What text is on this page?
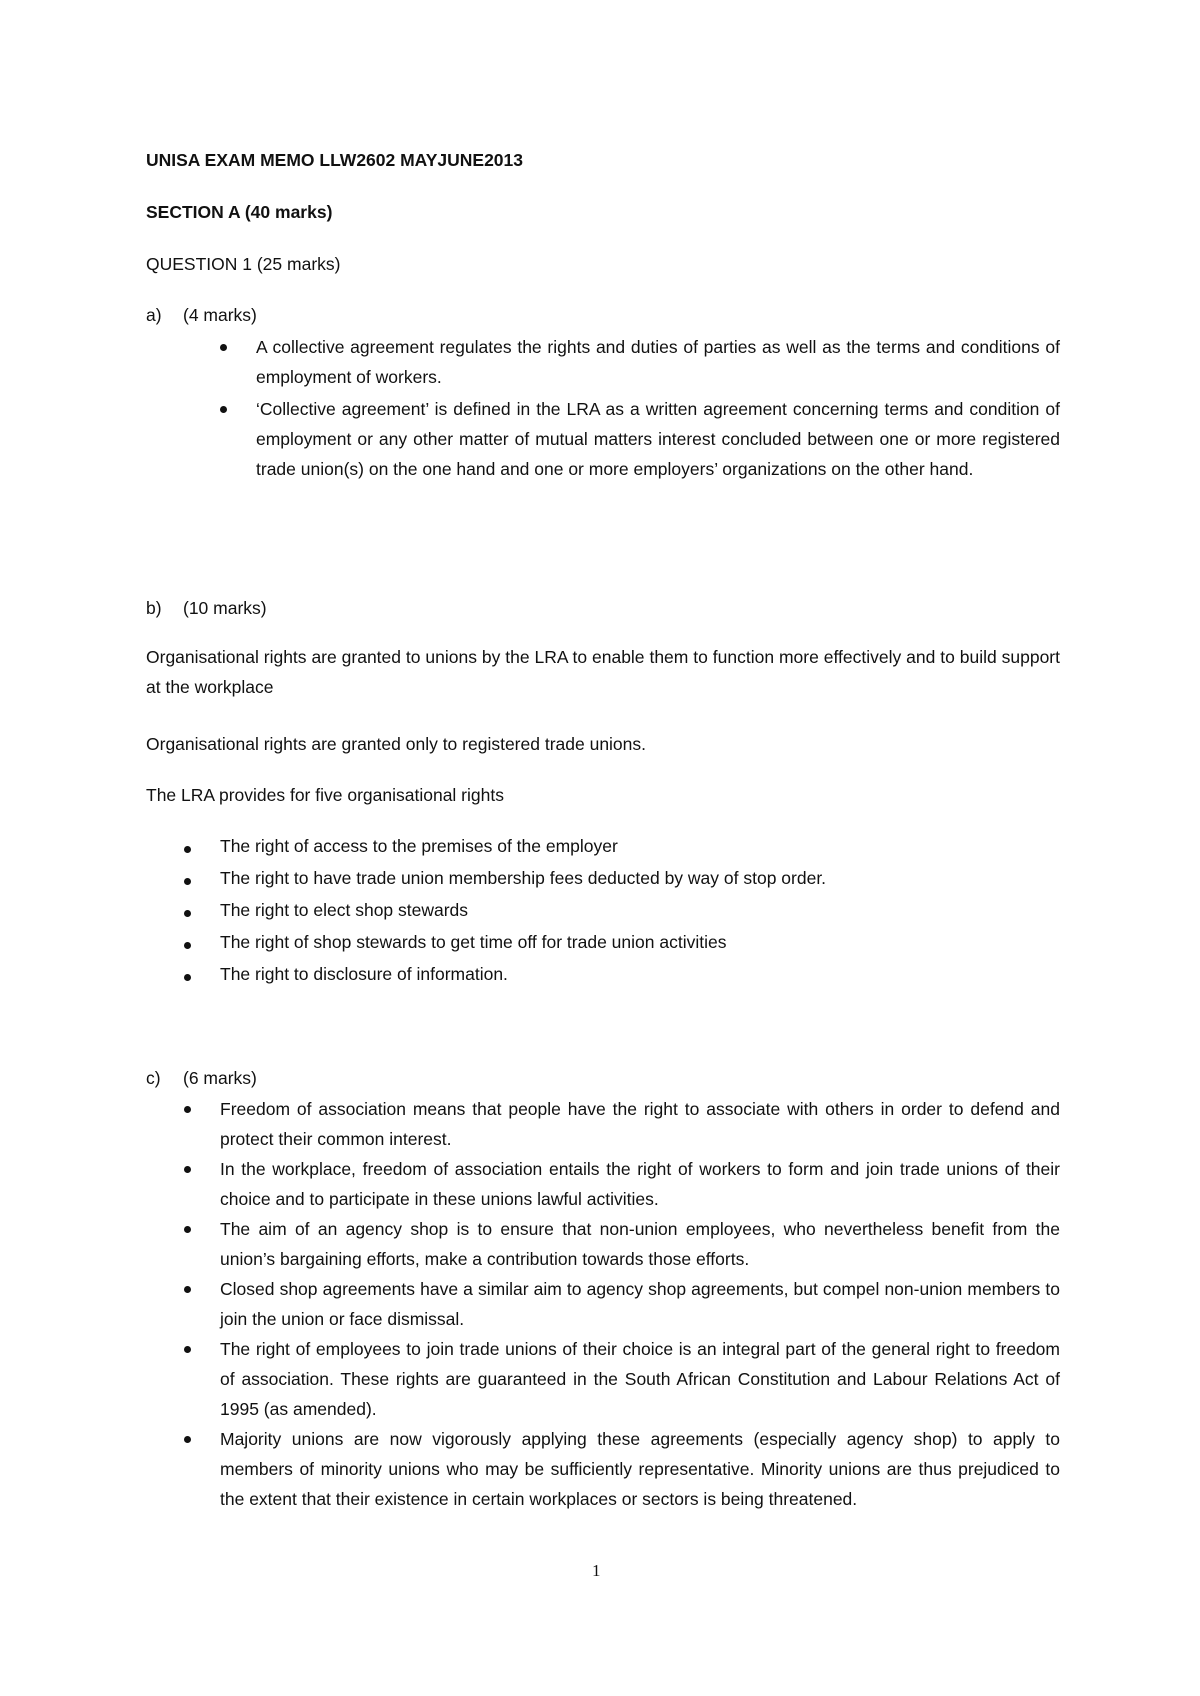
UNISA EXAM MEMO LLW2602 MAYJUNE2013
SECTION A (40 marks)
QUESTION 1 (25 marks)
a) (4 marks)
A collective agreement regulates the rights and duties of parties as well as the terms and conditions of employment of workers.
‘Collective agreement’ is defined in the LRA as a written agreement concerning terms and condition of employment or any other matter of mutual matters interest concluded between one or more registered trade union(s) on the one hand and one or more employers’ organizations on the other hand.
b) (10 marks)
Organisational rights are granted to unions by the LRA to enable them to function more effectively and to build support at the workplace
Organisational rights are granted only to registered trade unions.
The LRA provides for five organisational rights
The right of access to the premises of the employer
The right to have trade union membership fees deducted by way of stop order.
The right to elect shop stewards
The right of shop stewards to get time off for trade union activities
The right to disclosure of information.
c) (6 marks)
Freedom of association means that people have the right to associate with others in order to defend and protect their common interest.
In the workplace, freedom of association entails the right of workers to form and join trade unions of their choice and to participate in these unions lawful activities.
The aim of an agency shop is to ensure that non-union employees, who nevertheless benefit from the union’s bargaining efforts, make a contribution towards those efforts.
Closed shop agreements have a similar aim to agency shop agreements, but compel non-union members to join the union or face dismissal.
The right of employees to join trade unions of their choice is an integral part of the general right to freedom of association. These rights are guaranteed in the South African Constitution and Labour Relations Act of 1995 (as amended).
Majority unions are now vigorously applying these agreements (especially agency shop) to apply to members of minority unions who may be sufficiently representative. Minority unions are thus prejudiced to the extent that their existence in certain workplaces or sectors is being threatened.
1
